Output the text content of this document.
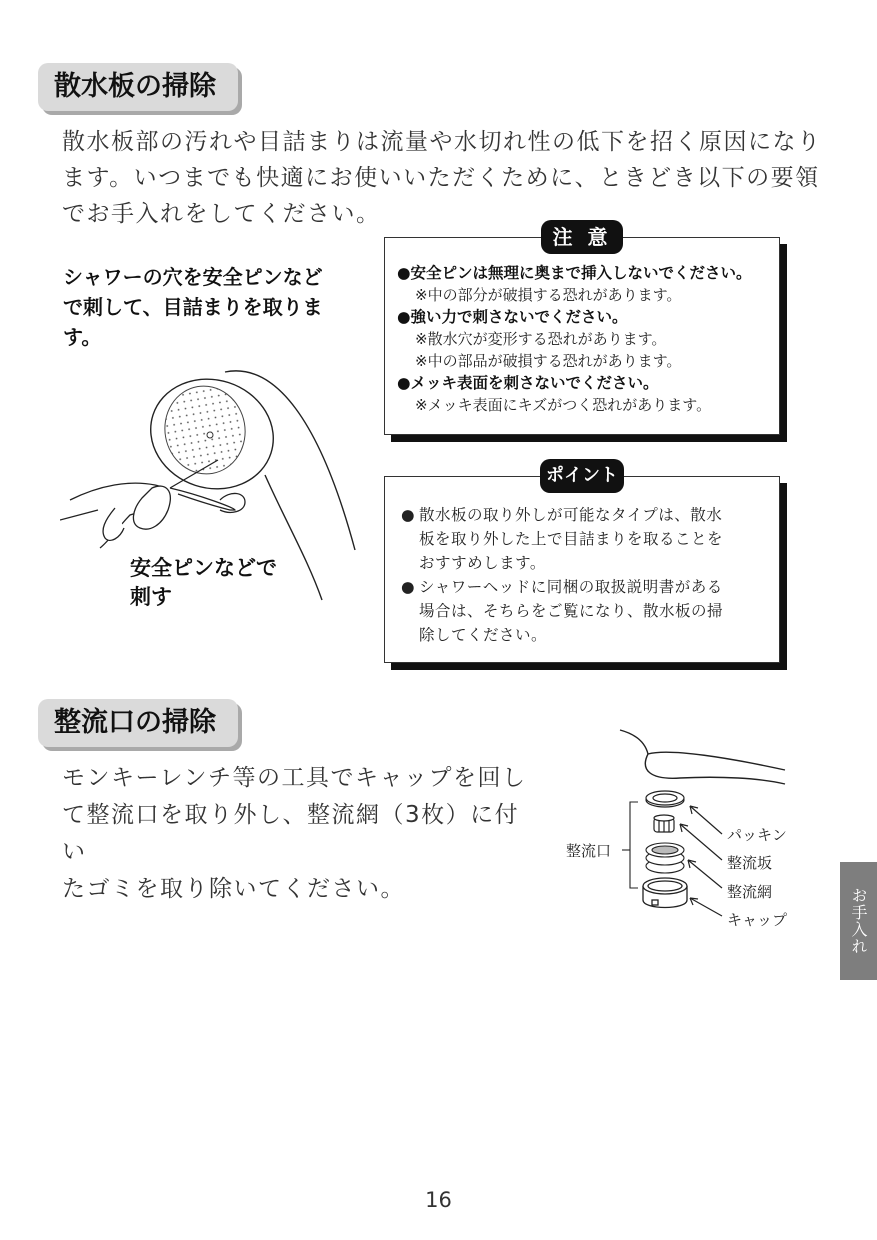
散水板の掃除
散水板部の汚れや目詰まりは流量や水切れ性の低下を招く原因になり
ます。いつまでも快適にお使いいただくために、ときどき以下の要領
でお手入れをしてください。
シャワーの穴を安全ピンなど
で刺して、目詰まりを取りま
す。
安全ピンなどで
刺す
注 意
●安全ピンは無理に奥まで挿入しないでください。
※中の部分が破損する恐れがあります。
●強い力で刺さないでください。
※散水穴が変形する恐れがあります。
※中の部品が破損する恐れがあります。
●メッキ表面を刺さないでください。
※メッキ表面にキズがつく恐れがあります。
ポイント
● 散水板の取り外しが可能なタイプは、散水
板を取り外した上で目詰まりを取ることを
おすすめします。
● シャワーヘッドに同梱の取扱説明書がある
場合は、そちらをご覧になり、散水板の掃
除してください。
整流口の掃除
モンキーレンチ等の工具でキャップを回し
て整流口を取り外し、整流網（3枚）に付い
たゴミを取り除いてください。
整流口
パッキン
整流坂
整流網
キャップ	お手入れ
16
